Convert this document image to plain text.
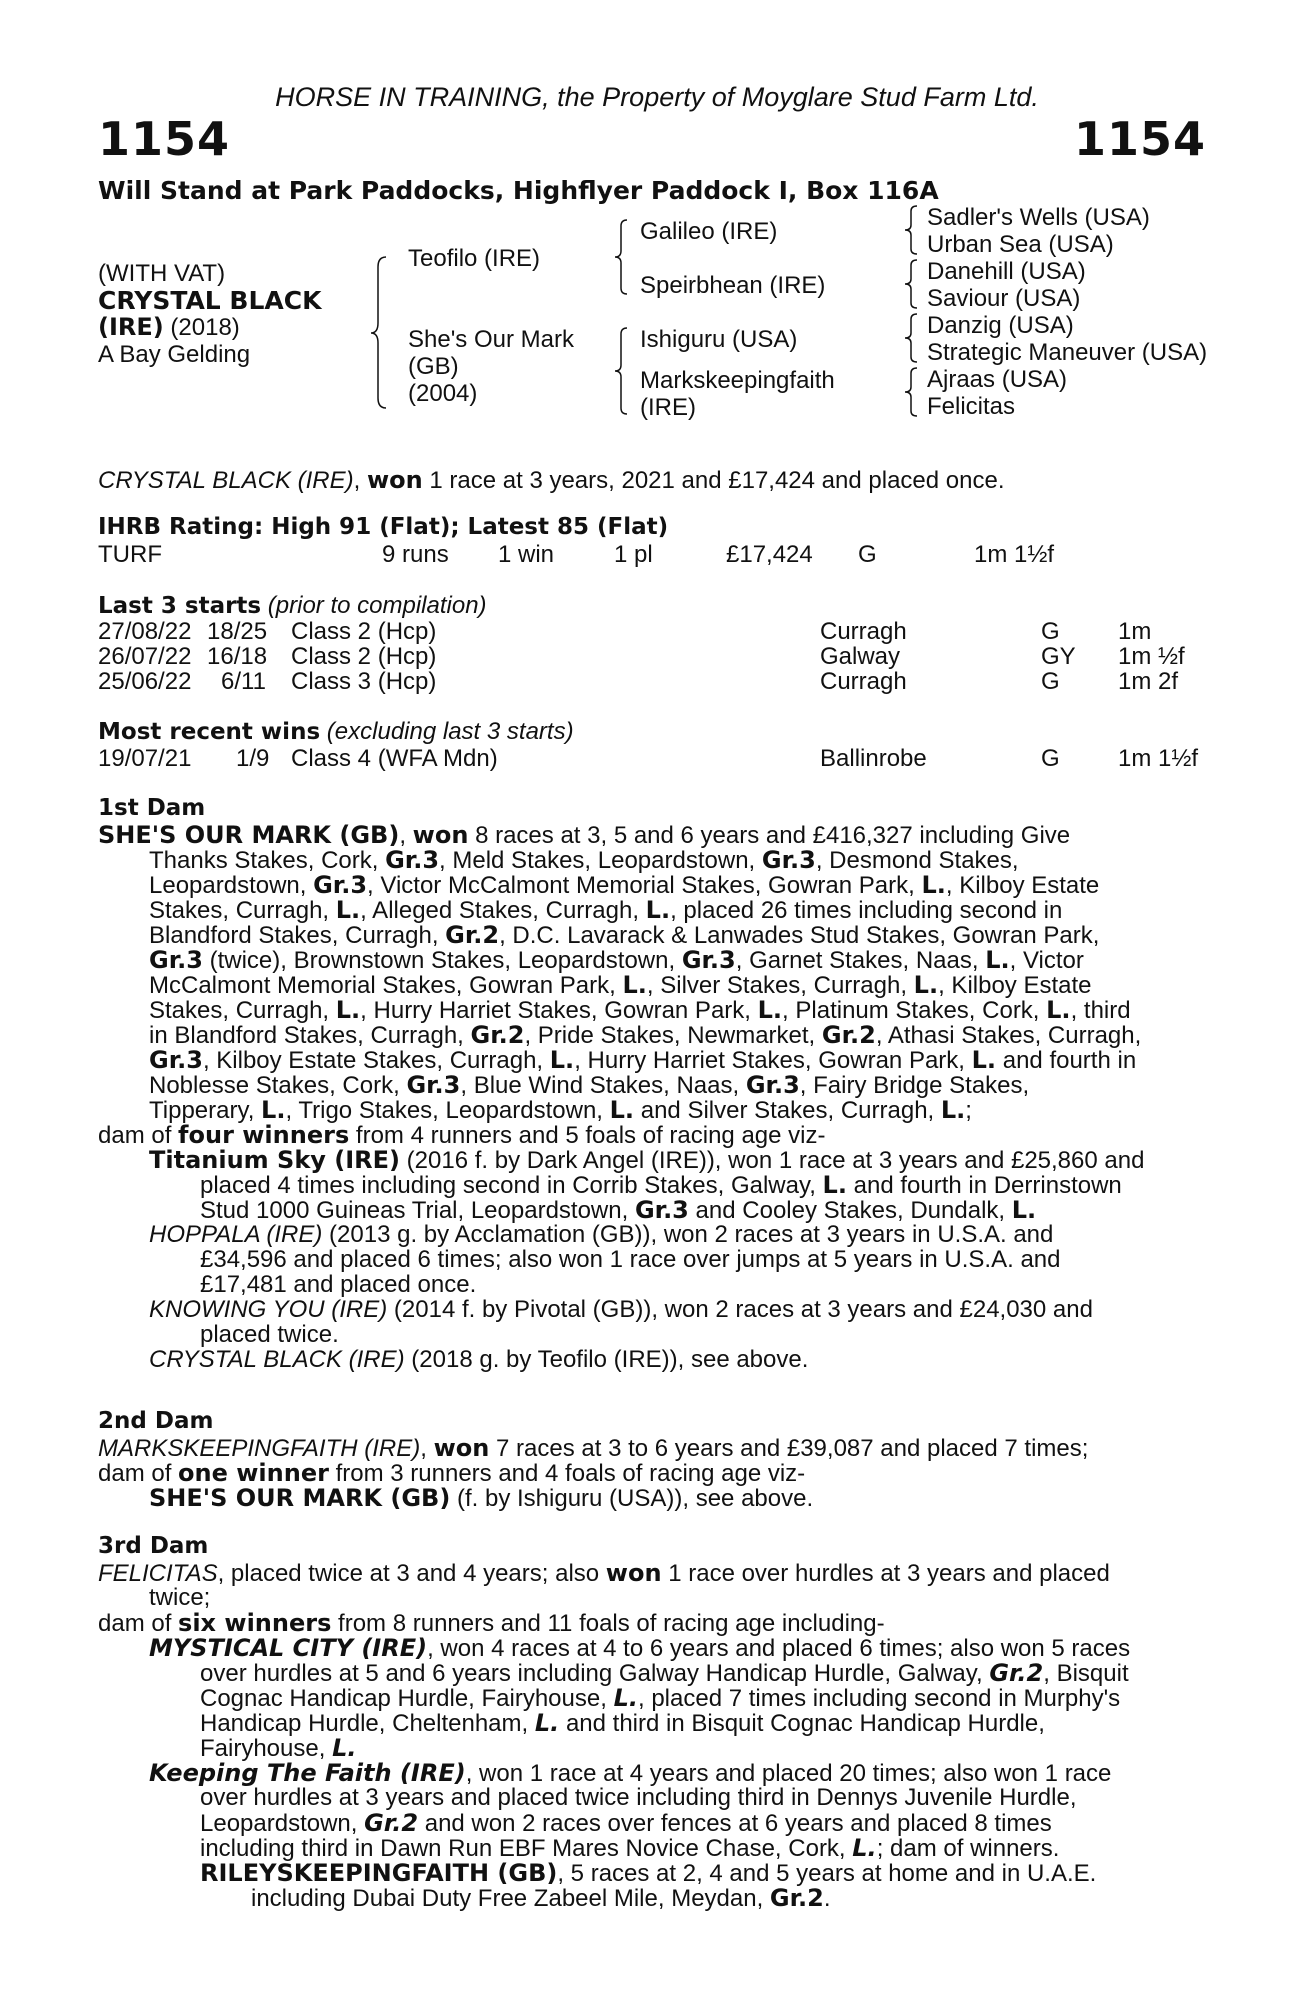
HORSE IN TRAINING, the Property of Moyglare Stud Farm Ltd.
1154	1154
Will Stand at Park Paddocks, Highflyer Paddock I, Box 116A
(WITH VAT)
CRYSTAL BLACK
(IRE) (2018)
A Bay Gelding
Teofilo (IRE)
She's Our Mark
(GB)
(2004)
Galileo (IRE)
Speirbhean (IRE)
Ishiguru (USA)
Markskeepingfaith
(IRE)
Sadler's Wells (USA)
Urban Sea (USA)
Danehill (USA)
Saviour (USA)
Danzig (USA)
Strategic Maneuver (USA)
Ajraas (USA)
Felicitas
CRYSTAL BLACK (IRE), won 1 race at 3 years, 2021 and £17,424 and placed once.
IHRB Rating: High 91 (Flat); Latest 85 (Flat)
TURF	9 runs 1 win 1 pl	£17,424 G	1m 1½f
Last 3 starts (prior to compilation)
27/08/22 18/25 Class 2 (Hcp)	Curragh	G 1m
26/07/22 16/18 Class 2 (Hcp)	Galway	GY 1m ½f
25/06/22 6/11 Class 3 (Hcp)	Curragh	G 1m 2f
Most recent wins (excluding last 3 starts)
19/07/21 1/9 Class 4 (WFA Mdn)	Ballinrobe	G 1m 1½f
1st Dam
SHE'S OUR MARK (GB), won 8 races at 3, 5 and 6 years and £416,327 including Give
Thanks Stakes, Cork, Gr.3, Meld Stakes, Leopardstown, Gr.3, Desmond Stakes,
Leopardstown, Gr.3, Victor McCalmont Memorial Stakes, Gowran Park, L., Kilboy Estate
Stakes, Curragh, L., Alleged Stakes, Curragh, L., placed 26 times including second in
Blandford Stakes, Curragh, Gr.2, D.C. Lavarack & Lanwades Stud Stakes, Gowran Park,
Gr.3 (twice), Brownstown Stakes, Leopardstown, Gr.3, Garnet Stakes, Naas, L., Victor
McCalmont Memorial Stakes, Gowran Park, L., Silver Stakes, Curragh, L., Kilboy Estate
Stakes, Curragh, L., Hurry Harriet Stakes, Gowran Park, L., Platinum Stakes, Cork, L., third
in Blandford Stakes, Curragh, Gr.2, Pride Stakes, Newmarket, Gr.2, Athasi Stakes, Curragh,
Gr.3, Kilboy Estate Stakes, Curragh, L., Hurry Harriet Stakes, Gowran Park, L. and fourth in
Noblesse Stakes, Cork, Gr.3, Blue Wind Stakes, Naas, Gr.3, Fairy Bridge Stakes,
Tipperary, L., Trigo Stakes, Leopardstown, L. and Silver Stakes, Curragh, L.;
dam of four winners from 4 runners and 5 foals of racing age viz-
Titanium Sky (IRE) (2016 f. by Dark Angel (IRE)), won 1 race at 3 years and £25,860 and
placed 4 times including second in Corrib Stakes, Galway, L. and fourth in Derrinstown
Stud 1000 Guineas Trial, Leopardstown, Gr.3 and Cooley Stakes, Dundalk, L.
HOPPALA (IRE) (2013 g. by Acclamation (GB)), won 2 races at 3 years in U.S.A. and
£34,596 and placed 6 times; also won 1 race over jumps at 5 years in U.S.A. and
£17,481 and placed once.
KNOWING YOU (IRE) (2014 f. by Pivotal (GB)), won 2 races at 3 years and £24,030 and
placed twice.
CRYSTAL BLACK (IRE) (2018 g. by Teofilo (IRE)), see above.
2nd Dam
MARKSKEEPINGFAITH (IRE), won 7 races at 3 to 6 years and £39,087 and placed 7 times;
dam of one winner from 3 runners and 4 foals of racing age viz-
SHE'S OUR MARK (GB) (f. by Ishiguru (USA)), see above.
3rd Dam
FELICITAS, placed twice at 3 and 4 years; also won 1 race over hurdles at 3 years and placed
twice;
dam of six winners from 8 runners and 11 foals of racing age including-
MYSTICAL CITY (IRE), won 4 races at 4 to 6 years and placed 6 times; also won 5 races
over hurdles at 5 and 6 years including Galway Handicap Hurdle, Galway, Gr.2, Bisquit
Cognac Handicap Hurdle, Fairyhouse, L., placed 7 times including second in Murphy's
Handicap Hurdle, Cheltenham, L. and third in Bisquit Cognac Handicap Hurdle,
Fairyhouse, L.
Keeping The Faith (IRE), won 1 race at 4 years and placed 20 times; also won 1 race
over hurdles at 3 years and placed twice including third in Dennys Juvenile Hurdle,
Leopardstown, Gr.2 and won 2 races over fences at 6 years and placed 8 times
including third in Dawn Run EBF Mares Novice Chase, Cork, L.; dam of winners.
RILEYSKEEPINGFAITH (GB), 5 races at 2, 4 and 5 years at home and in U.A.E.
including Dubai Duty Free Zabeel Mile, Meydan, Gr.2.
